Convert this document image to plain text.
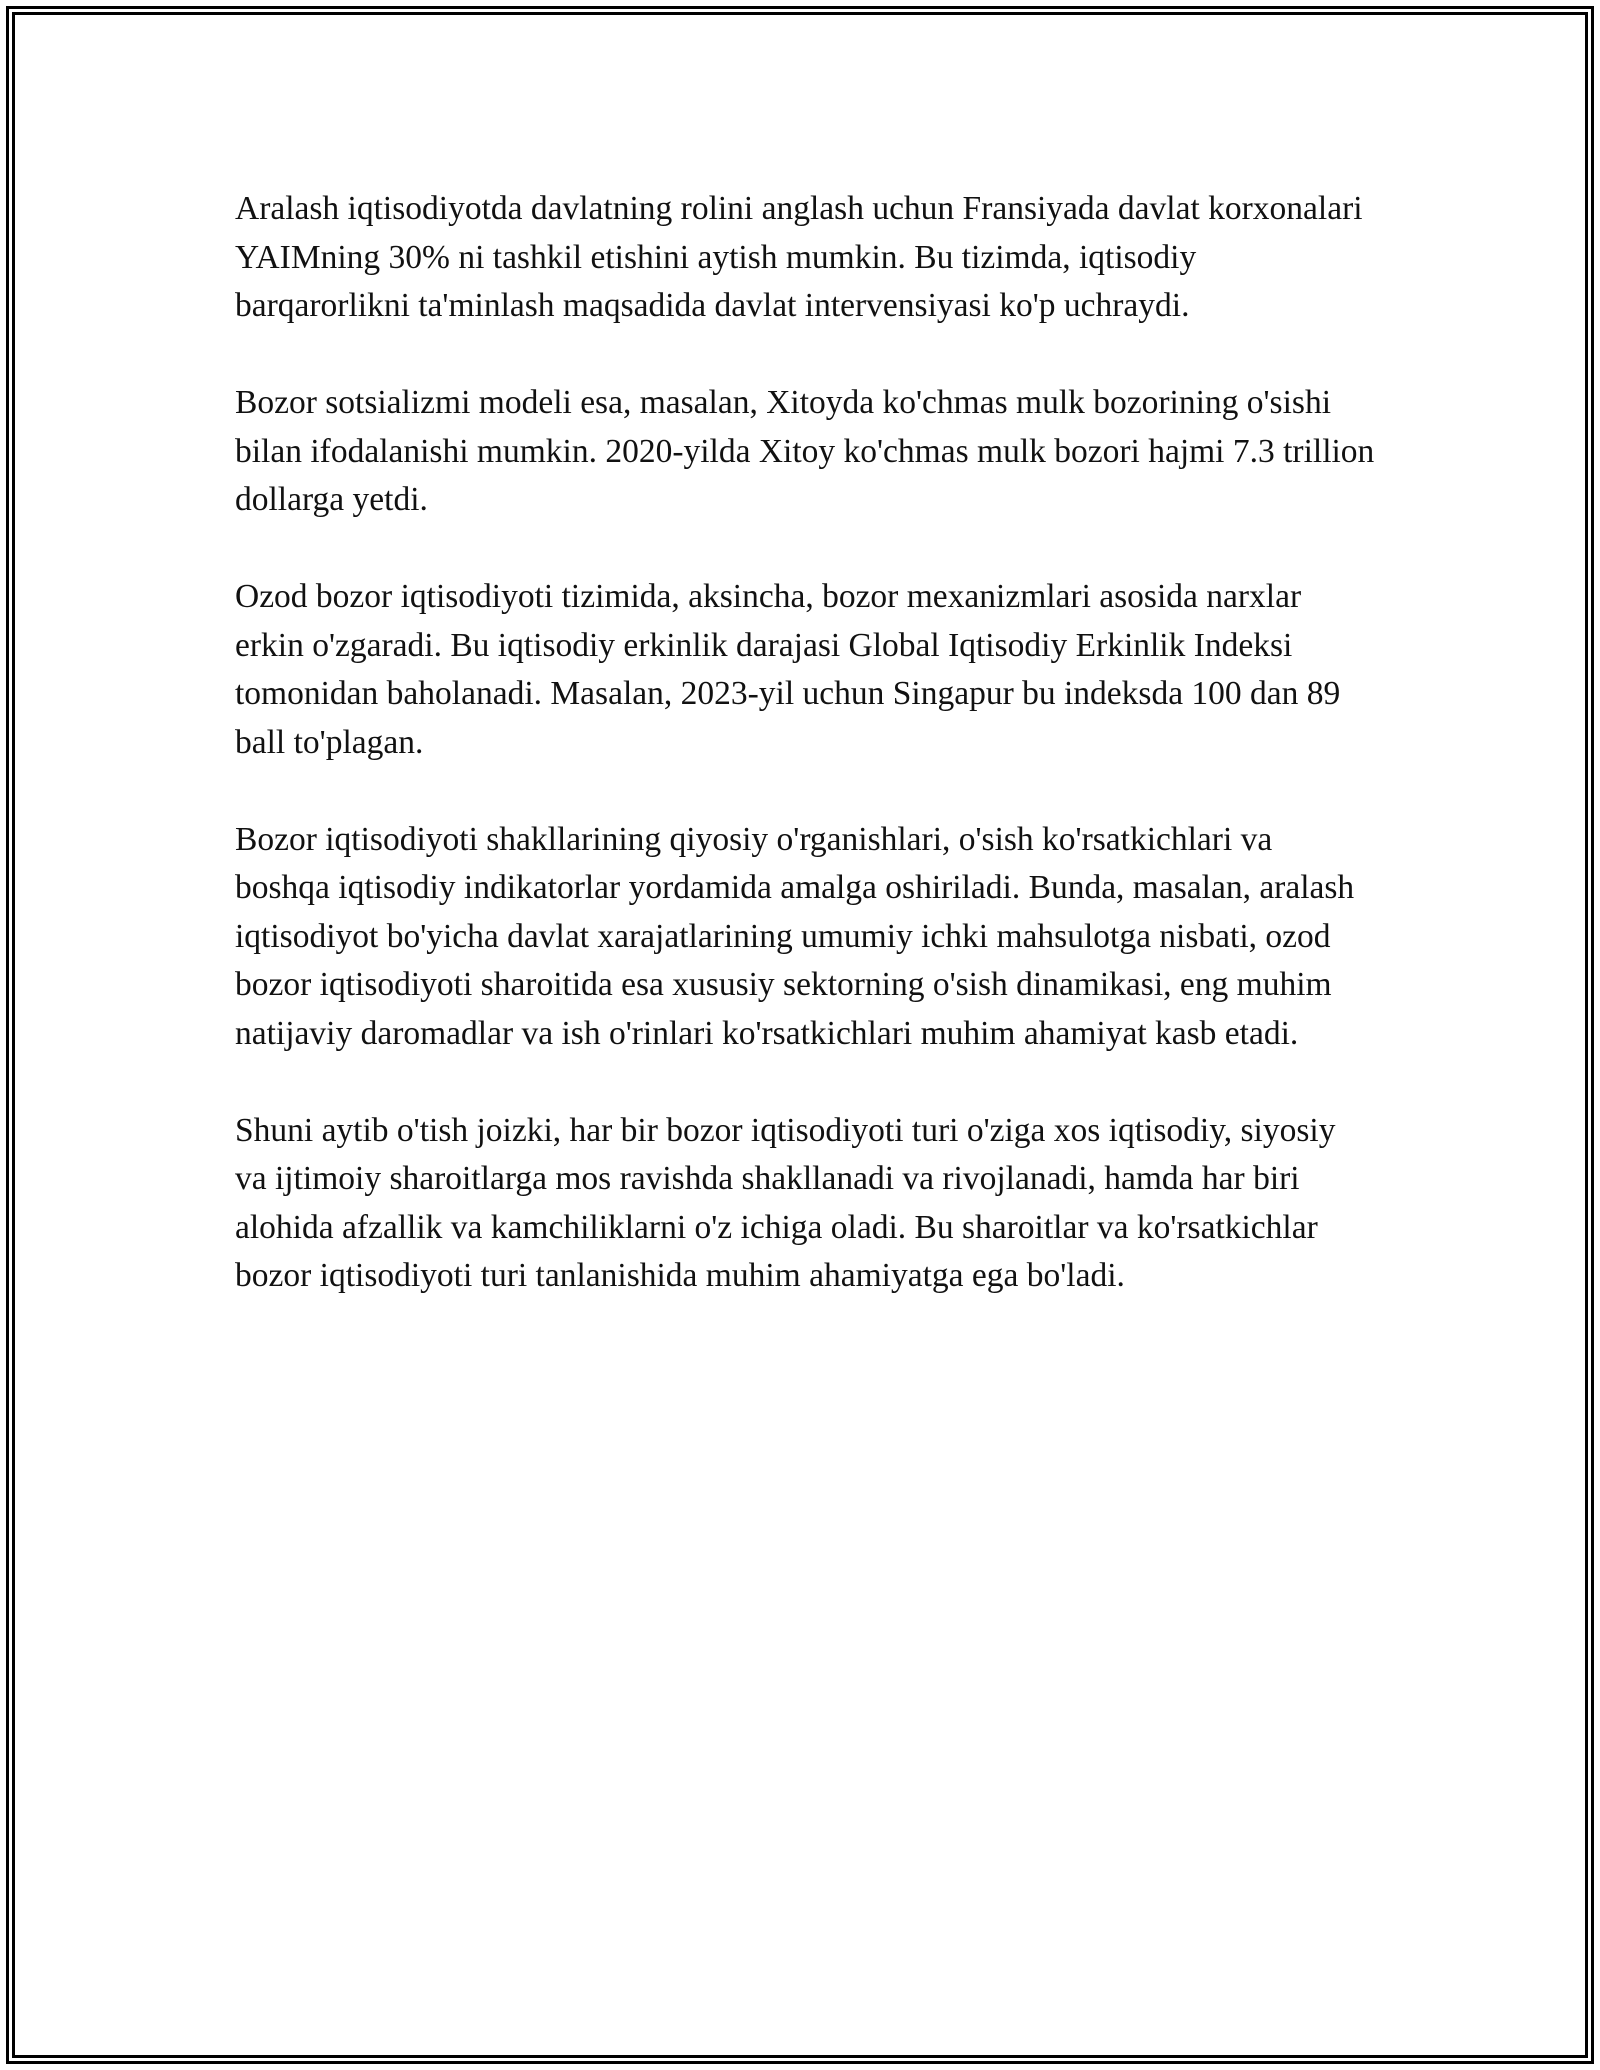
Aralash iqtisodiyotda davlatning rolini anglash uchun Fransiyada davlat korxonalari YAIMning 30% ni tashkil etishini aytish mumkin. Bu tizimda, iqtisodiy barqarorlikni ta'minlash maqsadida davlat intervensiyasi ko'p uchraydi.

Bozor sotsializmi modeli esa, masalan, Xitoyda ko'chmas mulk bozorining o'sishi bilan ifodalanishi mumkin. 2020-yilda Xitoy ko'chmas mulk bozori hajmi 7.3 trillion dollarga yetdi.

Ozod bozor iqtisodiyoti tizimida, aksincha, bozor mexanizmlari asosida narxlar erkin o'zgaradi. Bu iqtisodiy erkinlik darajasi Global Iqtisodiy Erkinlik Indeksi tomonidan baholanadi. Masalan, 2023-yil uchun Singapur bu indeksda 100 dan 89 ball to'plagan.

Bozor iqtisodiyoti shakllarining qiyosiy o'rganishlari, o'sish ko'rsatkichlari va boshqa iqtisodiy indikatorlar yordamida amalga oshiriladi. Bunda, masalan, aralash iqtisodiyot bo'yicha davlat xarajatlarining umumiy ichki mahsulotga nisbati, ozod bozor iqtisodiyoti sharoitida esa xususiy sektorning o'sish dinamikasi, eng muhim natijaviy daromadlar va ish o'rinlari ko'rsatkichlari muhim ahamiyat kasb etadi.

Shuni aytib o'tish joizki, har bir bozor iqtisodiyoti turi o'ziga xos iqtisodiy, siyosiy va ijtimoiy sharoitlarga mos ravishda shakllanadi va rivojlanadi, hamda har biri alohida afzallik va kamchiliklarni o'z ichiga oladi. Bu sharoitlar va ko'rsatkichlar bozor iqtisodiyoti turi tanlanishida muhim ahamiyatga ega bo'ladi.
